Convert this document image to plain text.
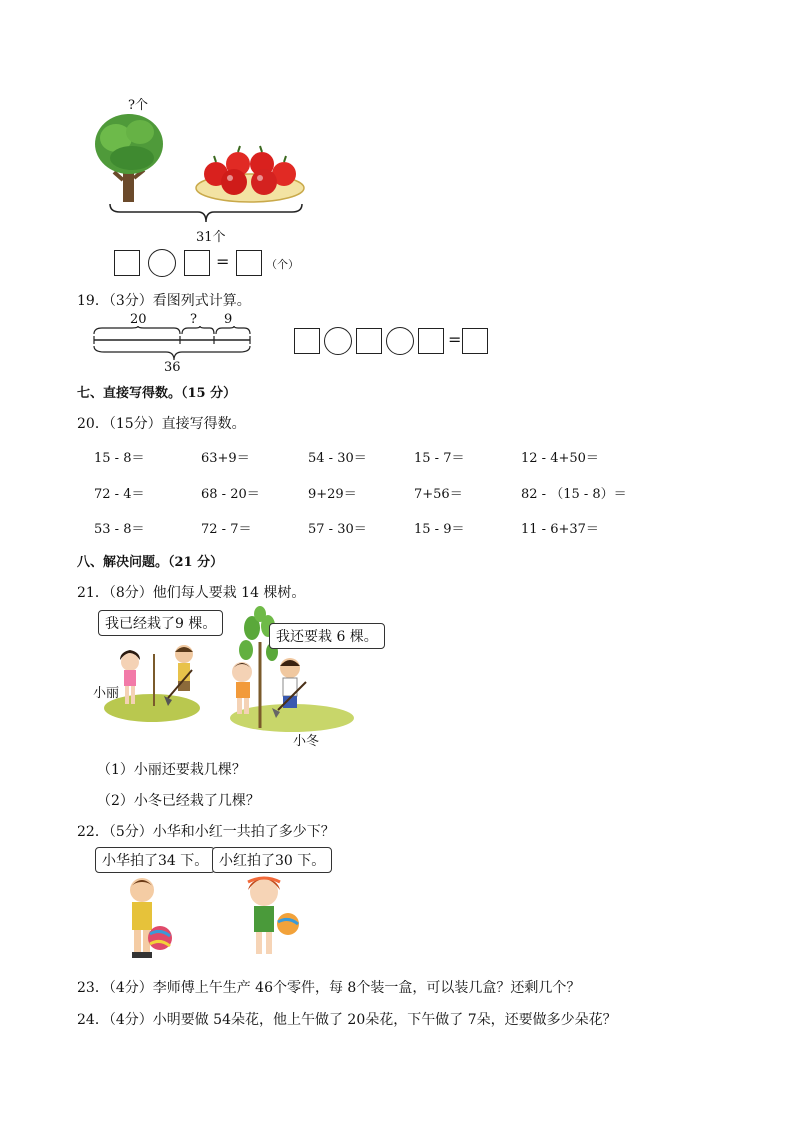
?个
31个
=	（个）
19．（3分）看图列式计算。
20	? 9
36
=
七、直接写得数。（15 分）
20．（15分）直接写得数。
15 - 8＝	63+9＝	54 - 30＝	15 - 7＝	12 - 4+50＝
72 - 4＝	68 - 20＝	9+29＝	7+56＝	82 - （15 - 8）＝
53 - 8＝	72 - 7＝	57 - 30＝	15 - 9＝	11 - 6+37＝
八、解决问题。（21 分）
21．（8分）他们每人要栽 14 棵树。
我已经栽了9 棵。
我还要栽 6 棵。
小丽
小冬
（1）小丽还要栽几棵？
（2）小冬已经栽了几棵？
22．（5分）小华和小红一共拍了多少下？
小华拍了34 下。 小红拍了30 下。
23．（4分）李师傅上午生产 46个零件，每 8个装一盒，可以装几盒？还剩几个？
24．（4分）小明要做 54朵花，他上午做了 20朵花，下午做了 7朵，还要做多少朵花？
